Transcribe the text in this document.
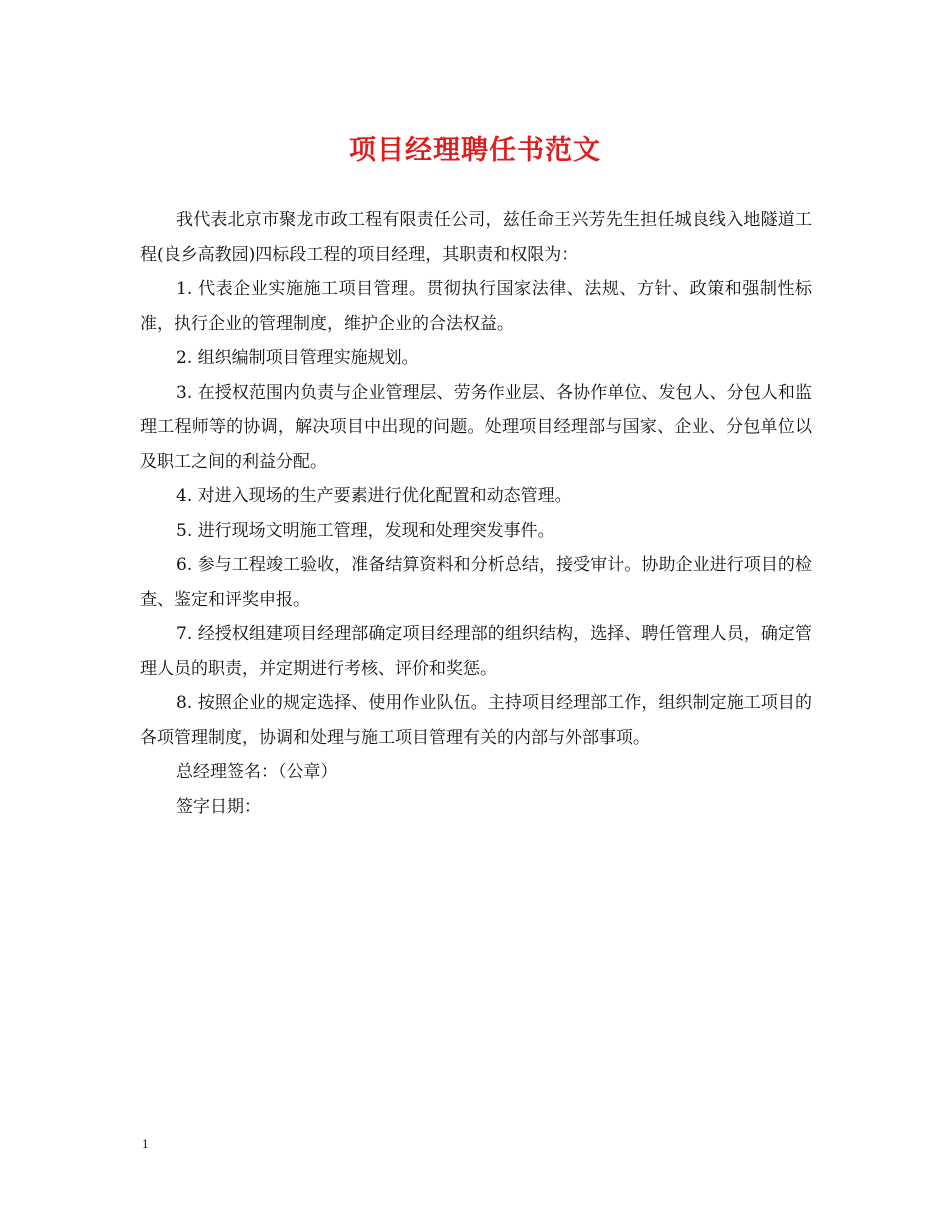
项目经理聘任书范文

我代表北京市聚龙市政工程有限责任公司，兹任命王兴芳先生担任城良线入地隧道工程(良乡高教园)四标段工程的项目经理，其职责和权限为：

1. 代表企业实施施工项目管理。贯彻执行国家法律、法规、方针、政策和强制性标准，执行企业的管理制度，维护企业的合法权益。

2. 组织编制项目管理实施规划。

3. 在授权范围内负责与企业管理层、劳务作业层、各协作单位、发包人、分包人和监理工程师等的协调，解决项目中出现的问题。处理项目经理部与国家、企业、分包单位以及职工之间的利益分配。

4. 对进入现场的生产要素进行优化配置和动态管理。

5. 进行现场文明施工管理，发现和处理突发事件。

6. 参与工程竣工验收，准备结算资料和分析总结，接受审计。协助企业进行项目的检查、鉴定和评奖申报。

7. 经授权组建项目经理部确定项目经理部的组织结构，选择、聘任管理人员，确定管理人员的职责，并定期进行考核、评价和奖惩。

8. 按照企业的规定选择、使用作业队伍。主持项目经理部工作，组织制定施工项目的各项管理制度，协调和处理与施工项目管理有关的内部与外部事项。

总经理签名：（公章）

签字日期：

1
